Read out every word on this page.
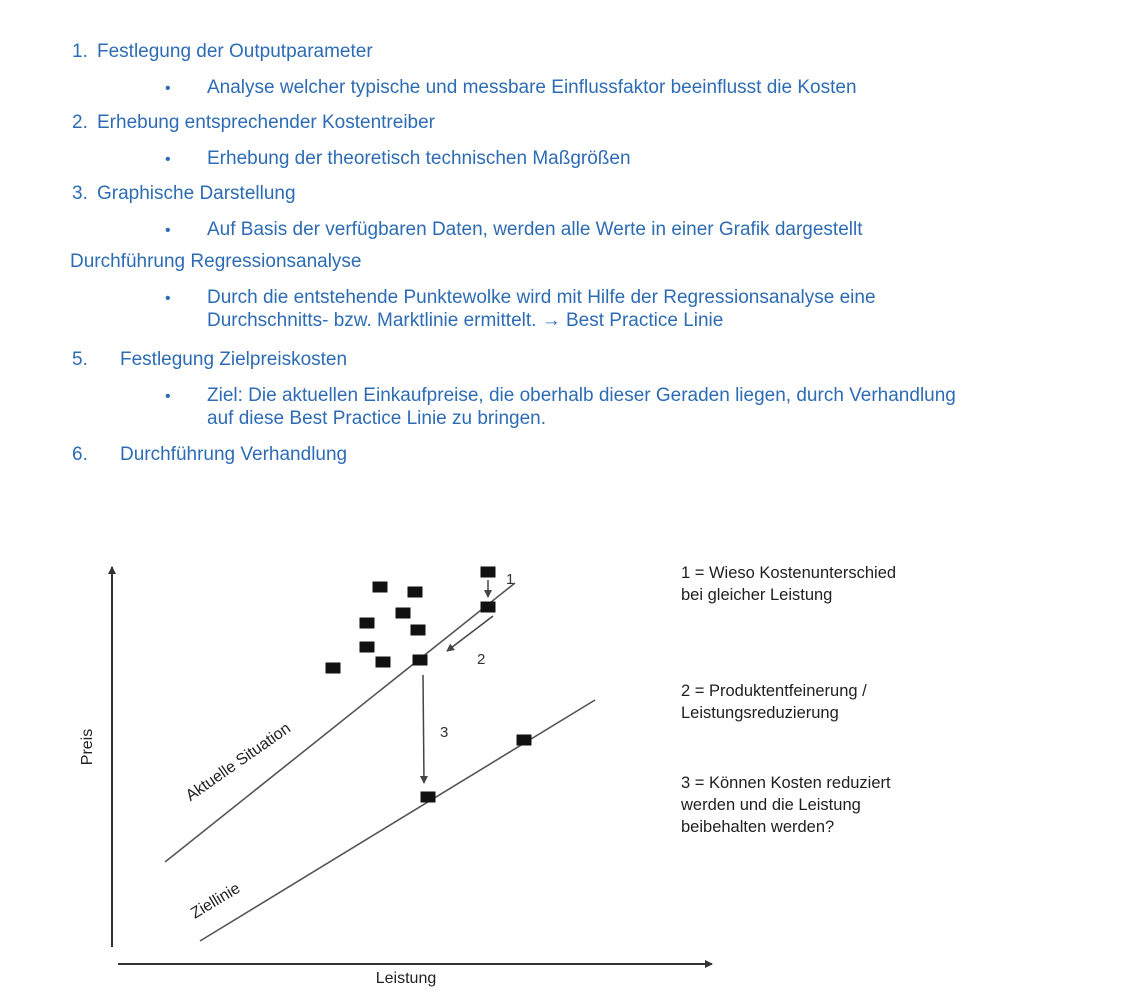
1. Festlegung der Outputparameter
• Analyse welcher typische und messbare Einflussfaktor beeinflusst die Kosten
2. Erhebung entsprechender Kostentreiber
• Erhebung der theoretisch technischen Maßgrößen
3. Graphische Darstellung
• Auf Basis der verfügbaren Daten, werden alle Werte in einer Grafik dargestellt
Durchführung Regressionsanalyse
• Durch die entstehende Punktewolke wird mit Hilfe der Regressionsanalyse eine
Durchschnitts- bzw. Marktlinie ermittelt. → Best Practice Linie
5. Festlegung Zielpreiskosten
• Ziel: Die aktuellen Einkaufpreise, die oberhalb dieser Geraden liegen, durch Verhandlung
auf diese Best Practice Linie zu bringen.
6. Durchführung Verhandlung
Preis
Leistung
Aktuelle Situation
Ziellinie
1
2
3
1 = Wieso Kostenunterschied
bei gleicher Leistung
2 = Produktentfeinerung /
Leistungsreduzierung
3 = Können Kosten reduziert
werden und die Leistung
beibehalten werden?
